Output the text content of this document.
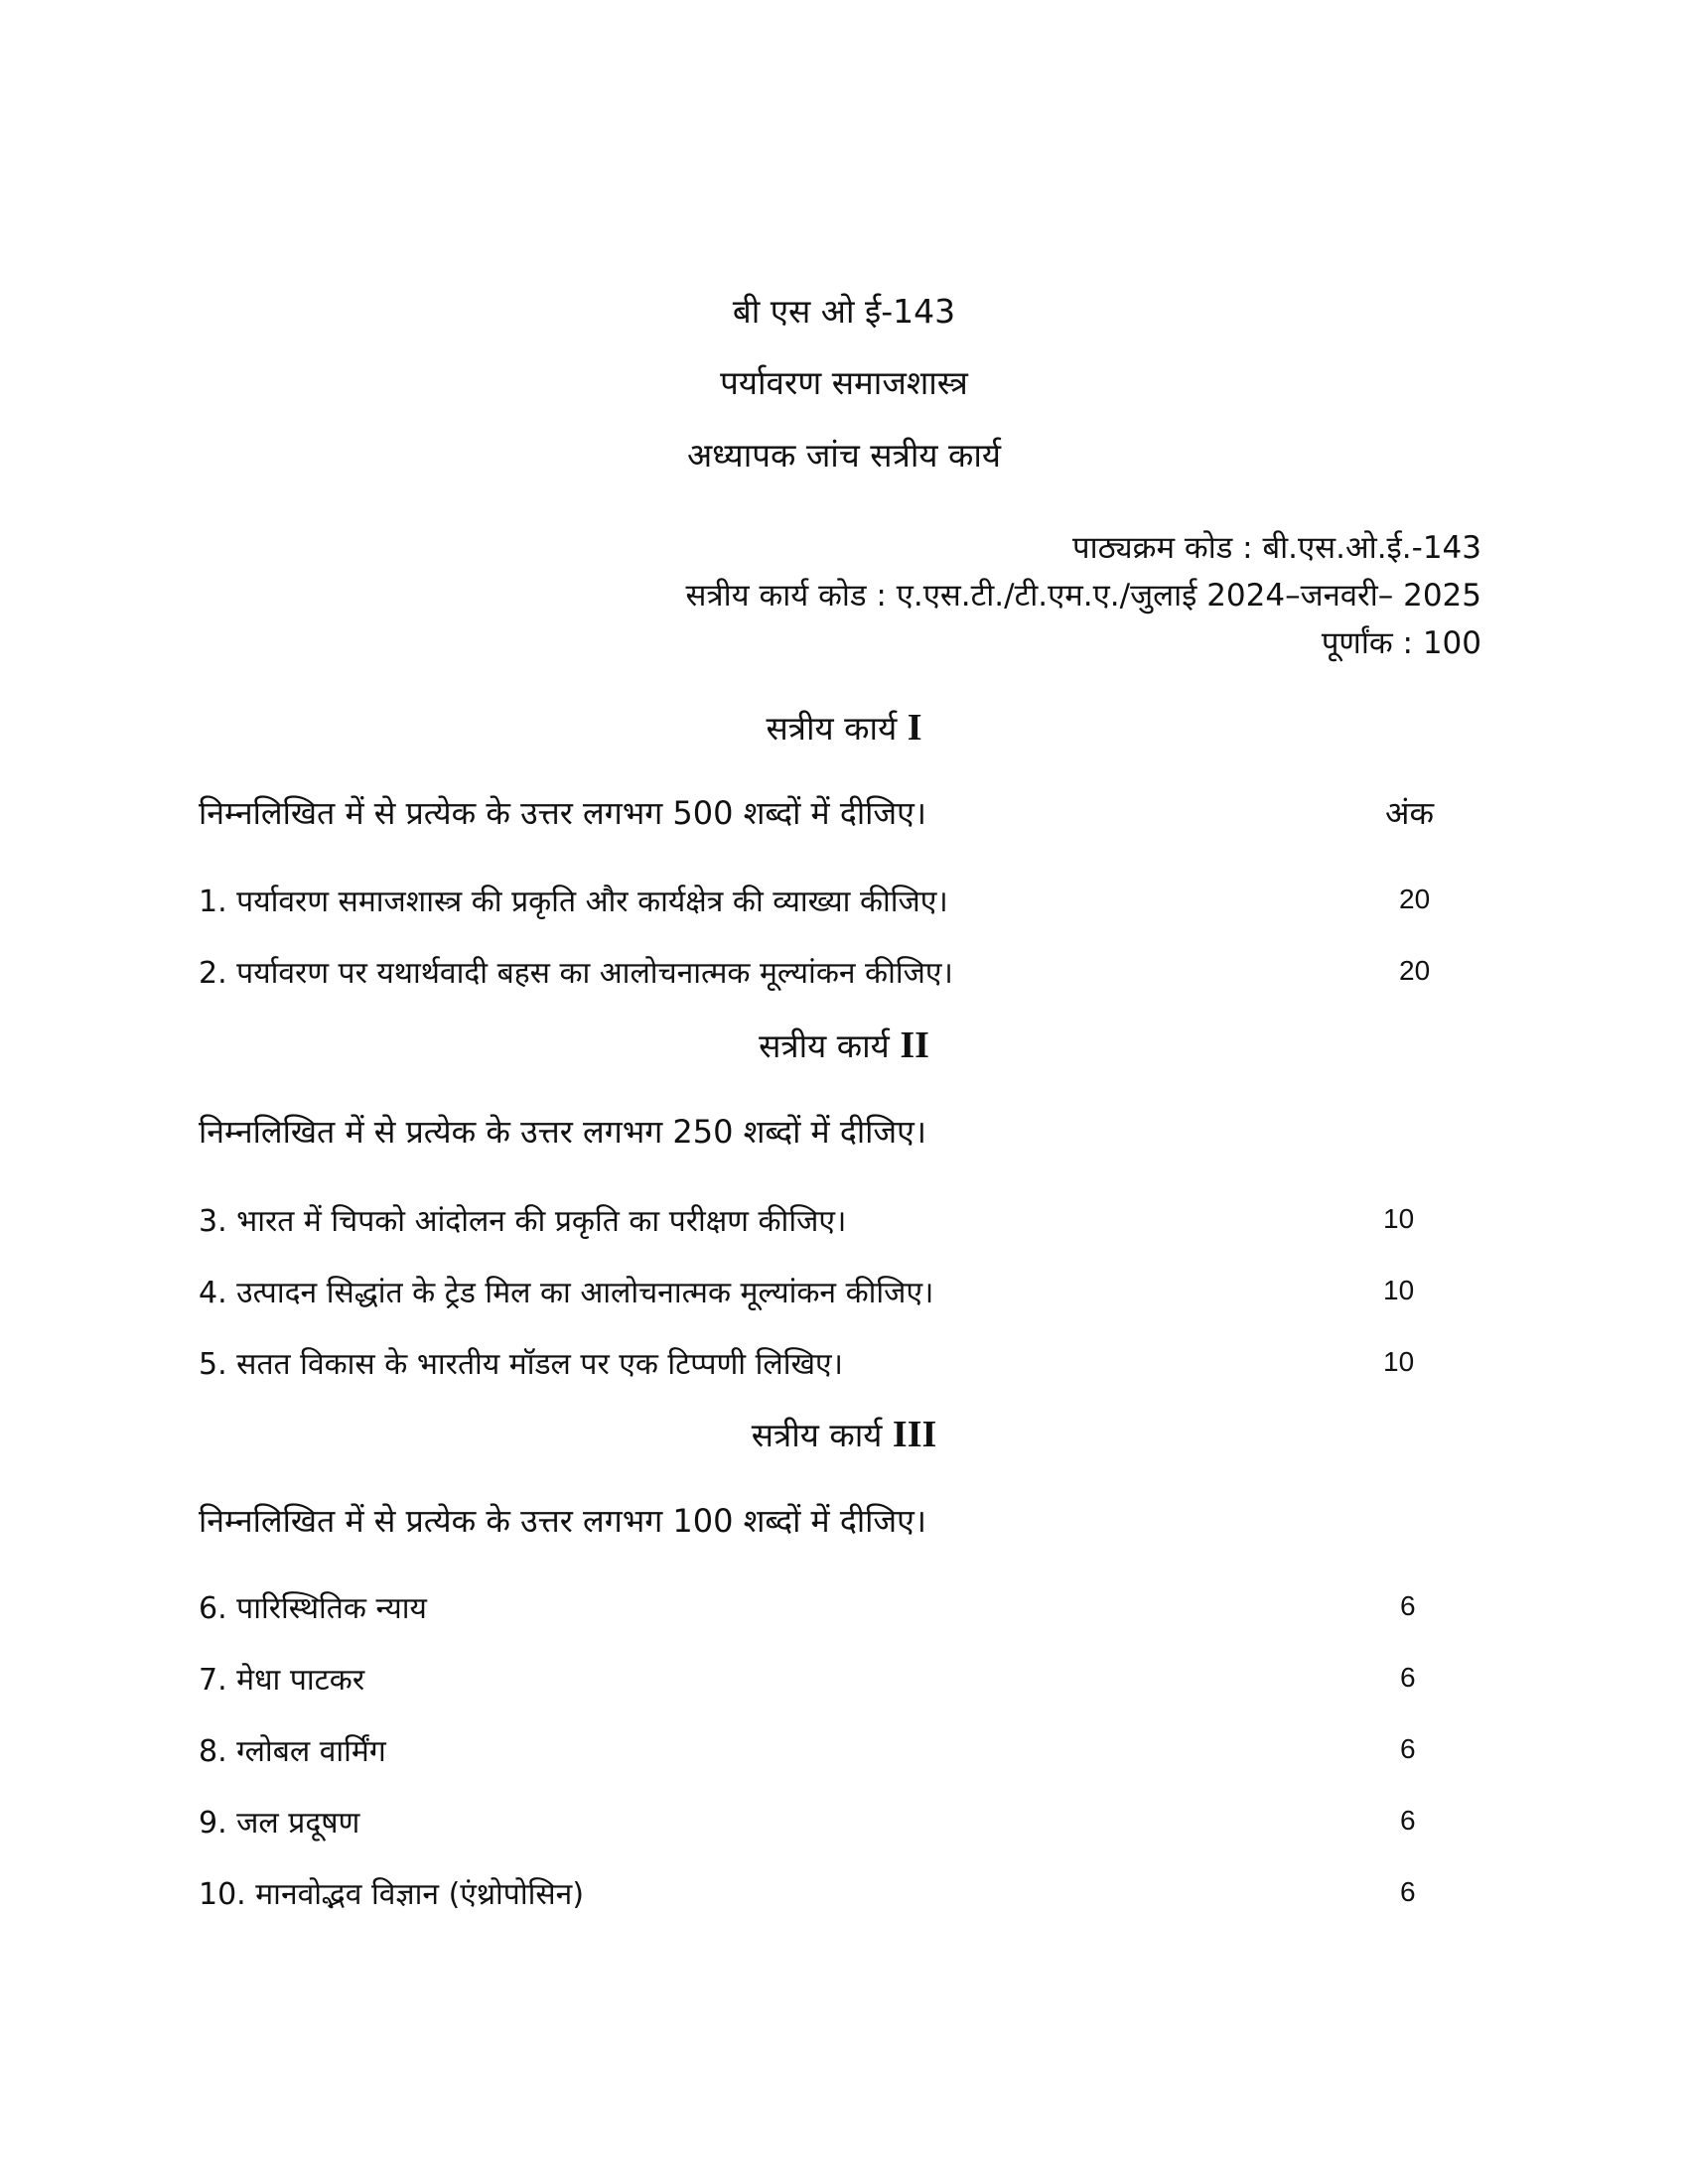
बी एस ओ ई-143
पर्यावरण समाजशास्त्र
अध्यापक जांच सत्रीय कार्य
पाठ्यक्रम कोड : बी.एस.ओ.ई.-143
सत्रीय कार्य कोड : ए.एस.टी./टी.एम.ए./जुलाई 2024–जनवरी– 2025
पूर्णांक : 100
सत्रीय कार्य I
निम्नलिखित में से प्रत्येक के उत्तर लगभग 500 शब्दों में दीजिए।	अंक
1. पर्यावरण समाजशास्त्र की प्रकृति और कार्यक्षेत्र की व्याख्या कीजिए।	20
2. पर्यावरण पर यथार्थवादी बहस का आलोचनात्मक मूल्यांकन कीजिए।	20
सत्रीय कार्य II
निम्नलिखित में से प्रत्येक के उत्तर लगभग 250 शब्दों में दीजिए।
3. भारत में चिपको आंदोलन की प्रकृति का परीक्षण कीजिए।	10
4. उत्पादन सिद्धांत के ट्रेड मिल का आलोचनात्मक मूल्यांकन कीजिए।	10
5. सतत विकास के भारतीय मॉडल पर एक टिप्पणी लिखिए।	10
सत्रीय कार्य III
निम्नलिखित में से प्रत्येक के उत्तर लगभग 100 शब्दों में दीजिए।
6. पारिस्थितिक न्याय	6
7. मेधा पाटकर	6
8. ग्लोबल वार्मिंग	6
9. जल प्रदूषण	6
10. मानवोद्भव विज्ञान (एंथ्रोपोसिन)	6
